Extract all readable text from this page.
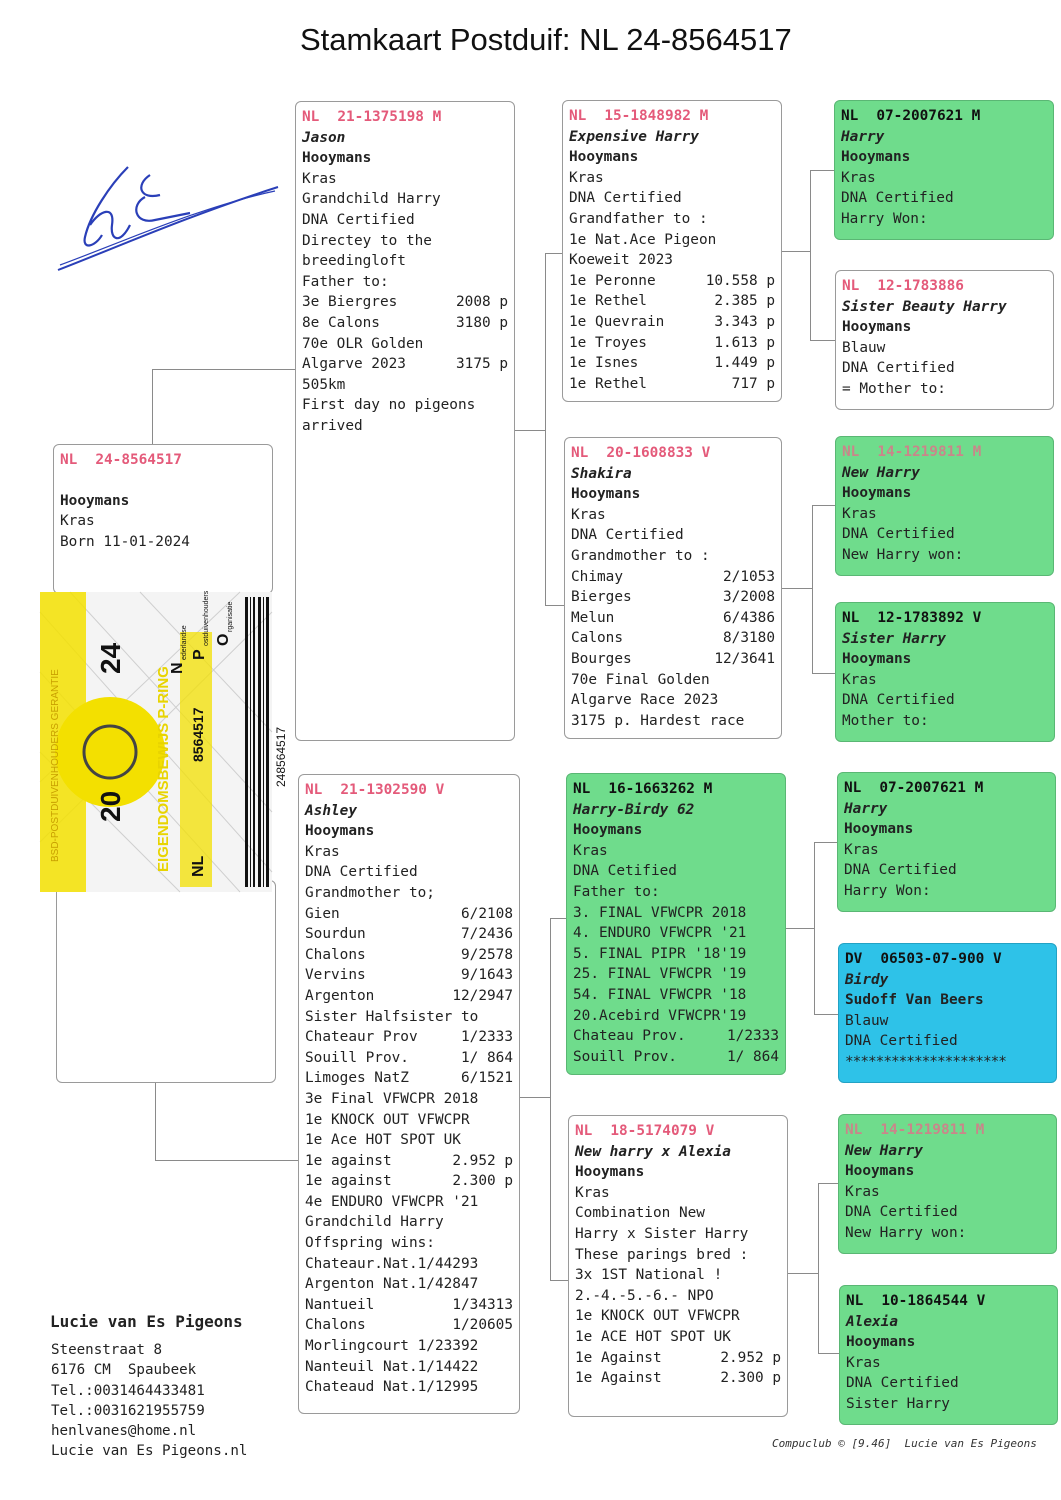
Stamkaart Postduif: NL 24-8564517
NL 24-8564517
Hooymans
Kras
Born 11-01-2024
24
20 EIGENDOMSBEWIJS P-RING
BSD-POSTDUIVENHOUDERS GERANTIE
NL
8564517	248564517
N
ederlandse P
ostduivenhouders O
rganisatie
NL 21-1375198 M
Jason
Hooymans
Kras
Grandchild Harry
DNA Certified
Directey to the
breedingloft
Father to:
3e Biergres	2008 p
8e Calons	3180 p
70e OLR Golden
Algarve 2023	3175 p
505km
First day no pigeons
arrived
NL 21-1302590 V
Ashley
Hooymans
Kras
DNA Certified
Grandmother to;
Gien	6/2108
Sourdun	7/2436
Chalons	9/2578
Vervins	9/1643
Argenton	12/2947
Sister Halfsister to
Chateaur Prov	1/2333
Souill Prov.	1/ 864
Limoges NatZ	6/1521
3e Final VFWCPR 2018
1e KNOCK OUT VFWCPR
1e Ace HOT SPOT UK
1e against	2.952 p
1e against	2.300 p
4e ENDURO VFWCPR '21
Grandchild Harry
Offspring wins:
Chateaur.Nat.1/44293
Argenton Nat.1/42847
Nantueil	1/34313
Chalons	1/20605
Morlingcourt 1/23392
Nanteuil Nat.1/14422
Chateaud Nat.1/12995
NL 15-1848982 M
Expensive Harry
Hooymans
Kras
DNA Certified
Grandfather to :
1e Nat.Ace Pigeon
Koeweit 2023
1e Peronne	10.558 p
1e Rethel	2.385 p
1e Quevrain	3.343 p
1e Troyes	1.613 p
1e Isnes	1.449 p
1e Rethel	717 p
NL 20-1608833 V
Shakira
Hooymans
Kras
DNA Certified
Grandmother to :
Chimay	2/1053
Bierges	3/2008
Melun	6/4386
Calons	8/3180
Bourges	12/3641
70e Final Golden
Algarve Race 2023
3175 p. Hardest race
NL 16-1663262 M
Harry-Birdy 62
Hooymans
Kras
DNA Cetified
Father to:
3. FINAL VFWCPR 2018
4. ENDURO VFWCPR '21
5. FINAL PIPR '18'19
25. FINAL VFWCPR '19
54. FINAL VFWCPR '18
20.Acebird VFWCPR'19
Chateau Prov.	1/2333
Souill Prov.	1/ 864
NL 18-5174079 V
New harry x Alexia
Hooymans
Kras
Combination New
Harry x Sister Harry
These parings bred :
3x 1ST National !
2.-4.-5.-6.- NPO
1e KNOCK OUT VFWCPR
1e ACE HOT SPOT UK
1e Against	2.952 p
1e Against	2.300 p
NL 07-2007621 M
Harry
Hooymans
Kras
DNA Certified
Harry Won:
NL 12-1783886
Sister Beauty Harry
Hooymans
Blauw
DNA Certified
= Mother to:
NL 14-1219811 M
New Harry
Hooymans
Kras
DNA Certified
New Harry won:
NL 12-1783892 V
Sister Harry
Hooymans
Kras
DNA Certified
Mother to:
NL 07-2007621 M
Harry
Hooymans
Kras
DNA Certified
Harry Won:
DV 06503-07-900 V
Birdy
Sudoff Van Beers
Blauw
DNA Certified
*********************
NL 14-1219811 M
New Harry
Hooymans
Kras
DNA Certified
New Harry won:
NL 10-1864544 V
Alexia
Hooymans
Kras
DNA Certified
Sister Harry
Lucie van Es Pigeons
Steenstraat 8
6176 CM  Spaubeek
Tel.:0031464433481
Tel.:0031621955759
henlvanes@home.nl
Lucie van Es Pigeons.nl	Compuclub © [9.46]  Lucie van Es Pigeons
